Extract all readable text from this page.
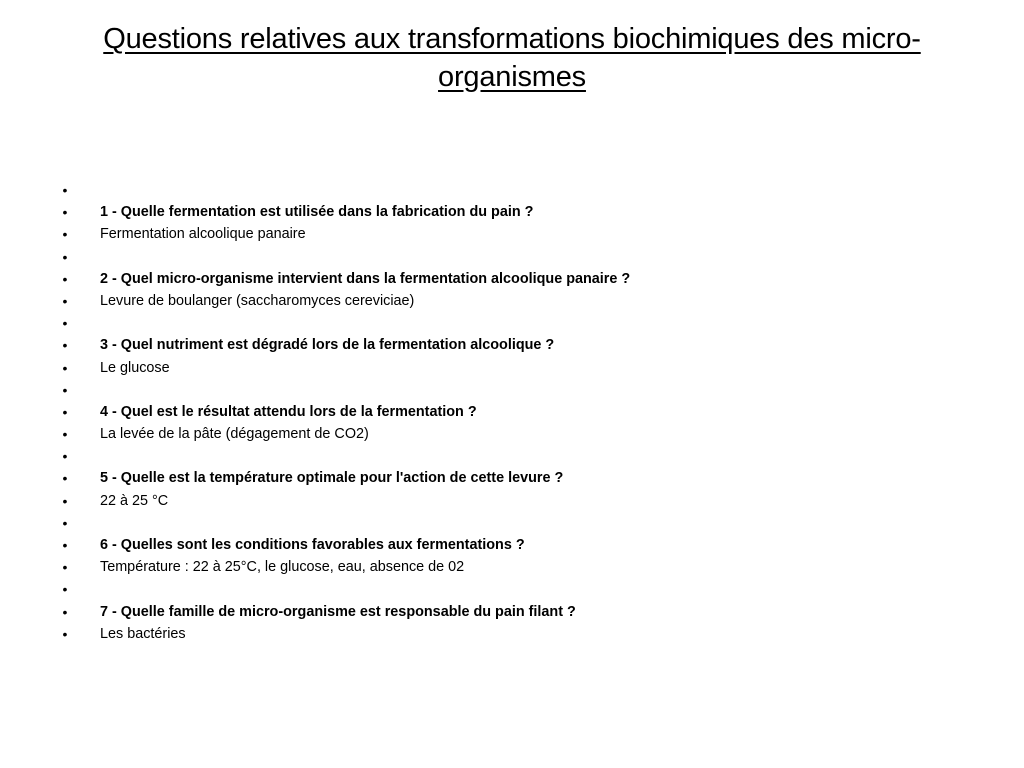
Questions relatives aux transformations biochimiques des micro-organismes
•
• 1 - Quelle fermentation est utilisée dans la fabrication du pain ?
• Fermentation alcoolique panaire
•
• 2 - Quel micro-organisme intervient dans la fermentation alcoolique panaire ?
• Levure de boulanger (saccharomyces cereviciae)
•
• 3 - Quel nutriment est dégradé lors de la fermentation alcoolique ?
• Le glucose
•
• 4 - Quel est le résultat attendu lors de la fermentation ?
• La levée de la pâte (dégagement de CO2)
•
• 5 - Quelle est la température optimale pour l'action de cette levure ?
• 22 à 25 °C
•
• 6 - Quelles sont les conditions favorables aux fermentations ?
• Température : 22 à 25°C, le glucose, eau, absence de 02
•
• 7 - Quelle famille de micro-organisme est responsable du pain filant ?
• Les bactéries
